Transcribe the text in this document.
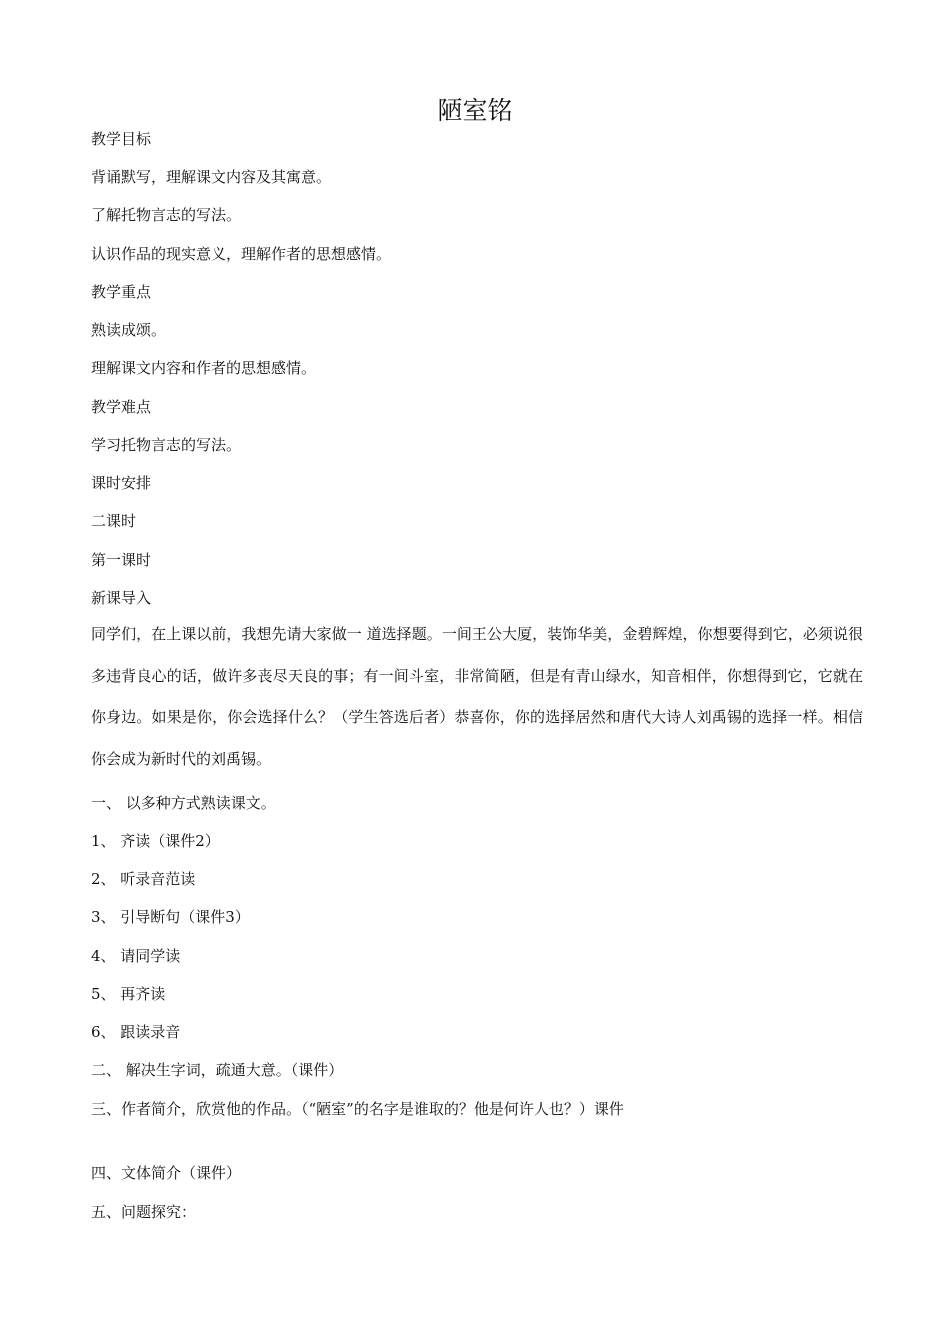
陋室铭

教学目标

背诵默写，理解课文内容及其寓意。

了解托物言志的写法。

认识作品的现实意义，理解作者的思想感情。

教学重点

熟读成颂。

理解课文内容和作者的思想感情。

教学难点

学习托物言志的写法。

课时安排

二课时

第一课时

新课导入

同学们，在上课以前，我想先请大家做一 道选择题。一间王公大厦，装饰华美，金碧辉煌，你想要得到它，必须说很多违背良心的话，做许多丧尽天良的事；有一间斗室，非常简陋，但是有青山绿水，知音相伴，你想得到它，它就在你身边。如果是你，你会选择什么？（学生答选后者）恭喜你，你的选择居然和唐代大诗人刘禹锡的选择一样。相信你会成为新时代的刘禹锡。

一、 以多种方式熟读课文。

1、 齐读（课件2）

2、 听录音范读

3、 引导断句（课件3）

4、 请同学读

5、 再齐读

6、 跟读录音

二、 解决生字词，疏通大意。（课件）

三、作者简介，欣赏他的作品。（“陋室”的名字是谁取的？他是何许人也？）课件

四、文体简介（课件）

五、问题探究：
